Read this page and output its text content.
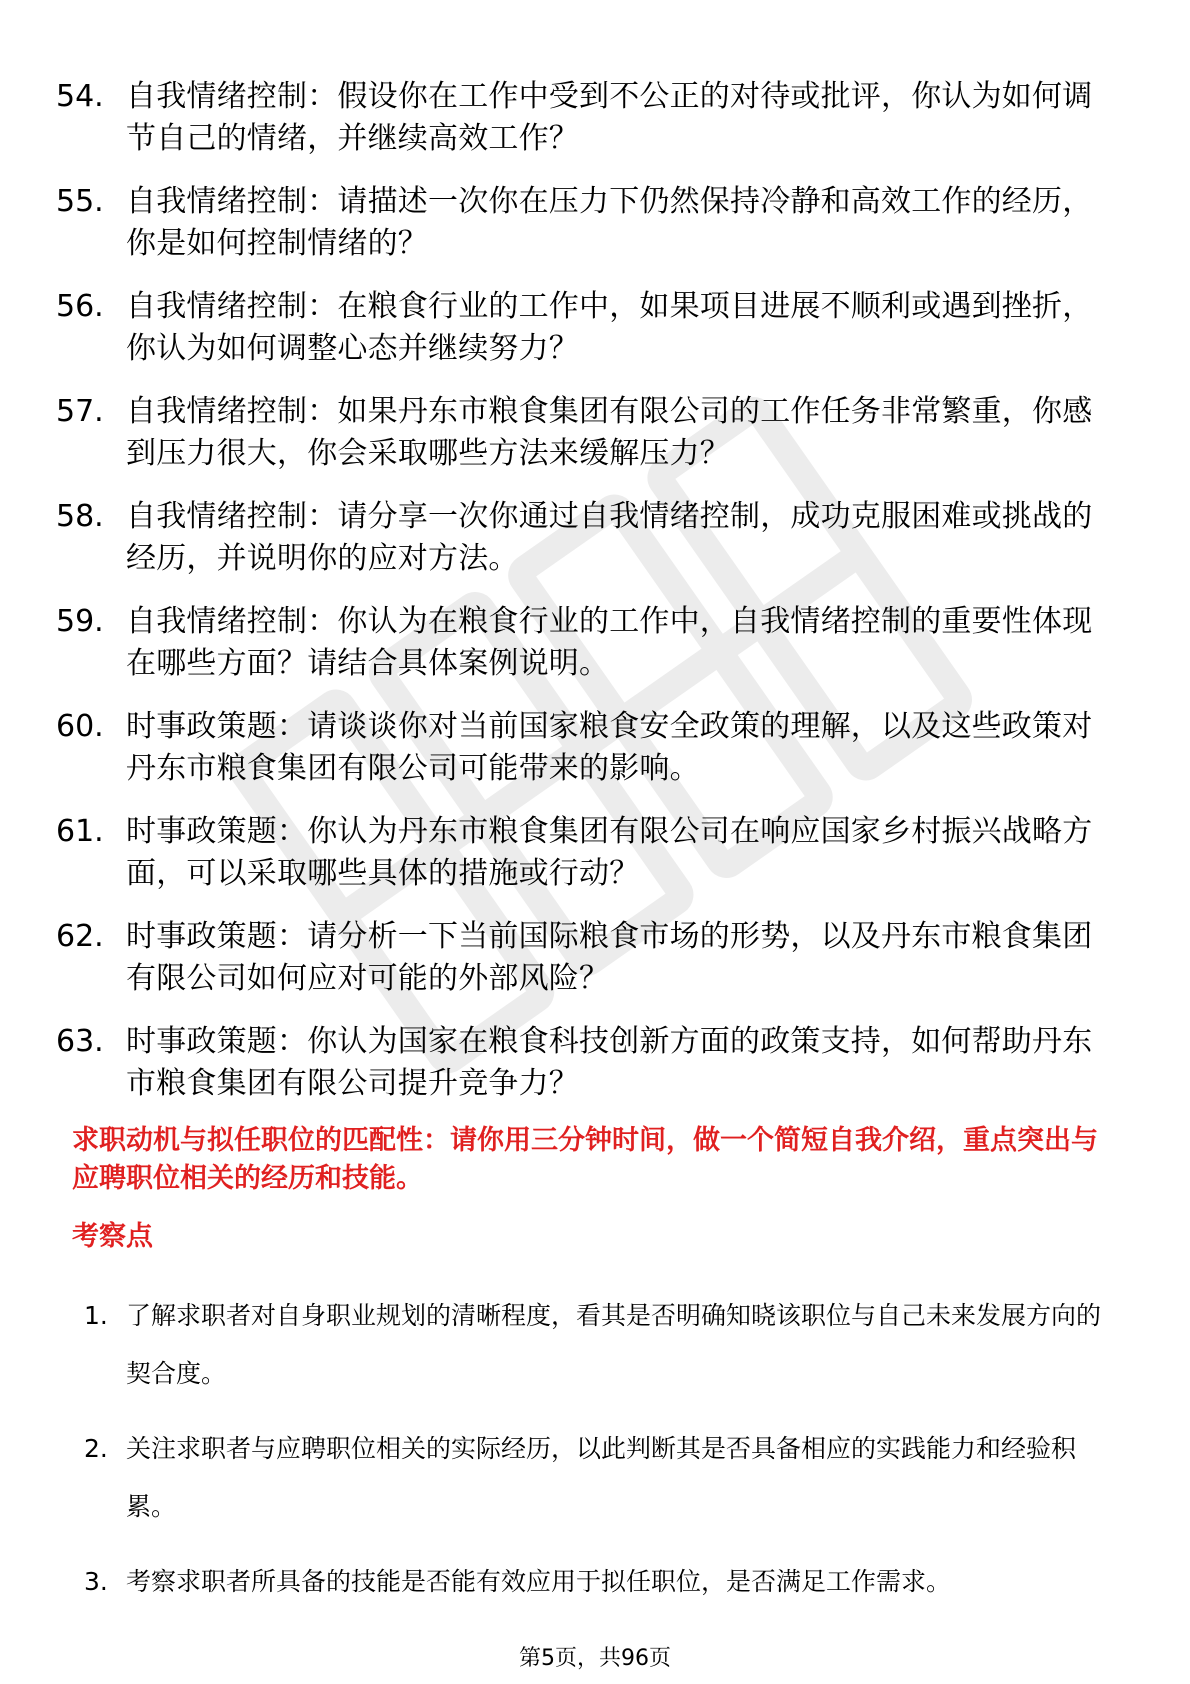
54. 自我情绪控制：假设你在工作中受到不公正的对待或批评，你认为如何调节自己的情绪，并继续高效工作？
55. 自我情绪控制：请描述一次你在压力下仍然保持冷静和高效工作的经历，你是如何控制情绪的？
56. 自我情绪控制：在粮食行业的工作中，如果项目进展不顺利或遇到挫折，你认为如何调整心态并继续努力？
57. 自我情绪控制：如果丹东市粮食集团有限公司的工作任务非常繁重，你感到压力很大，你会采取哪些方法来缓解压力？
58. 自我情绪控制：请分享一次你通过自我情绪控制，成功克服困难或挑战的经历，并说明你的应对方法。
59. 自我情绪控制：你认为在粮食行业的工作中，自我情绪控制的重要性体现在哪些方面？请结合具体案例说明。
60. 时事政策题：请谈谈你对当前国家粮食安全政策的理解，以及这些政策对丹东市粮食集团有限公司可能带来的影响。
61. 时事政策题：你认为丹东市粮食集团有限公司在响应国家乡村振兴战略方面，可以采取哪些具体的措施或行动？
62. 时事政策题：请分析一下当前国际粮食市场的形势，以及丹东市粮食集团有限公司如何应对可能的外部风险？
63. 时事政策题：你认为国家在粮食科技创新方面的政策支持，如何帮助丹东市粮食集团有限公司提升竞争力？
求职动机与拟任职位的匹配性：请你用三分钟时间，做一个简短自我介绍，重点突出与应聘职位相关的经历和技能。
考察点
1. 了解求职者对自身职业规划的清晰程度，看其是否明确知晓该职位与自己未来发展方向的契合度。
2. 关注求职者与应聘职位相关的实际经历，以此判断其是否具备相应的实践能力和经验积累。
3. 考察求职者所具备的技能是否能有效应用于拟任职位，是否满足工作需求。
第5页，共96页
